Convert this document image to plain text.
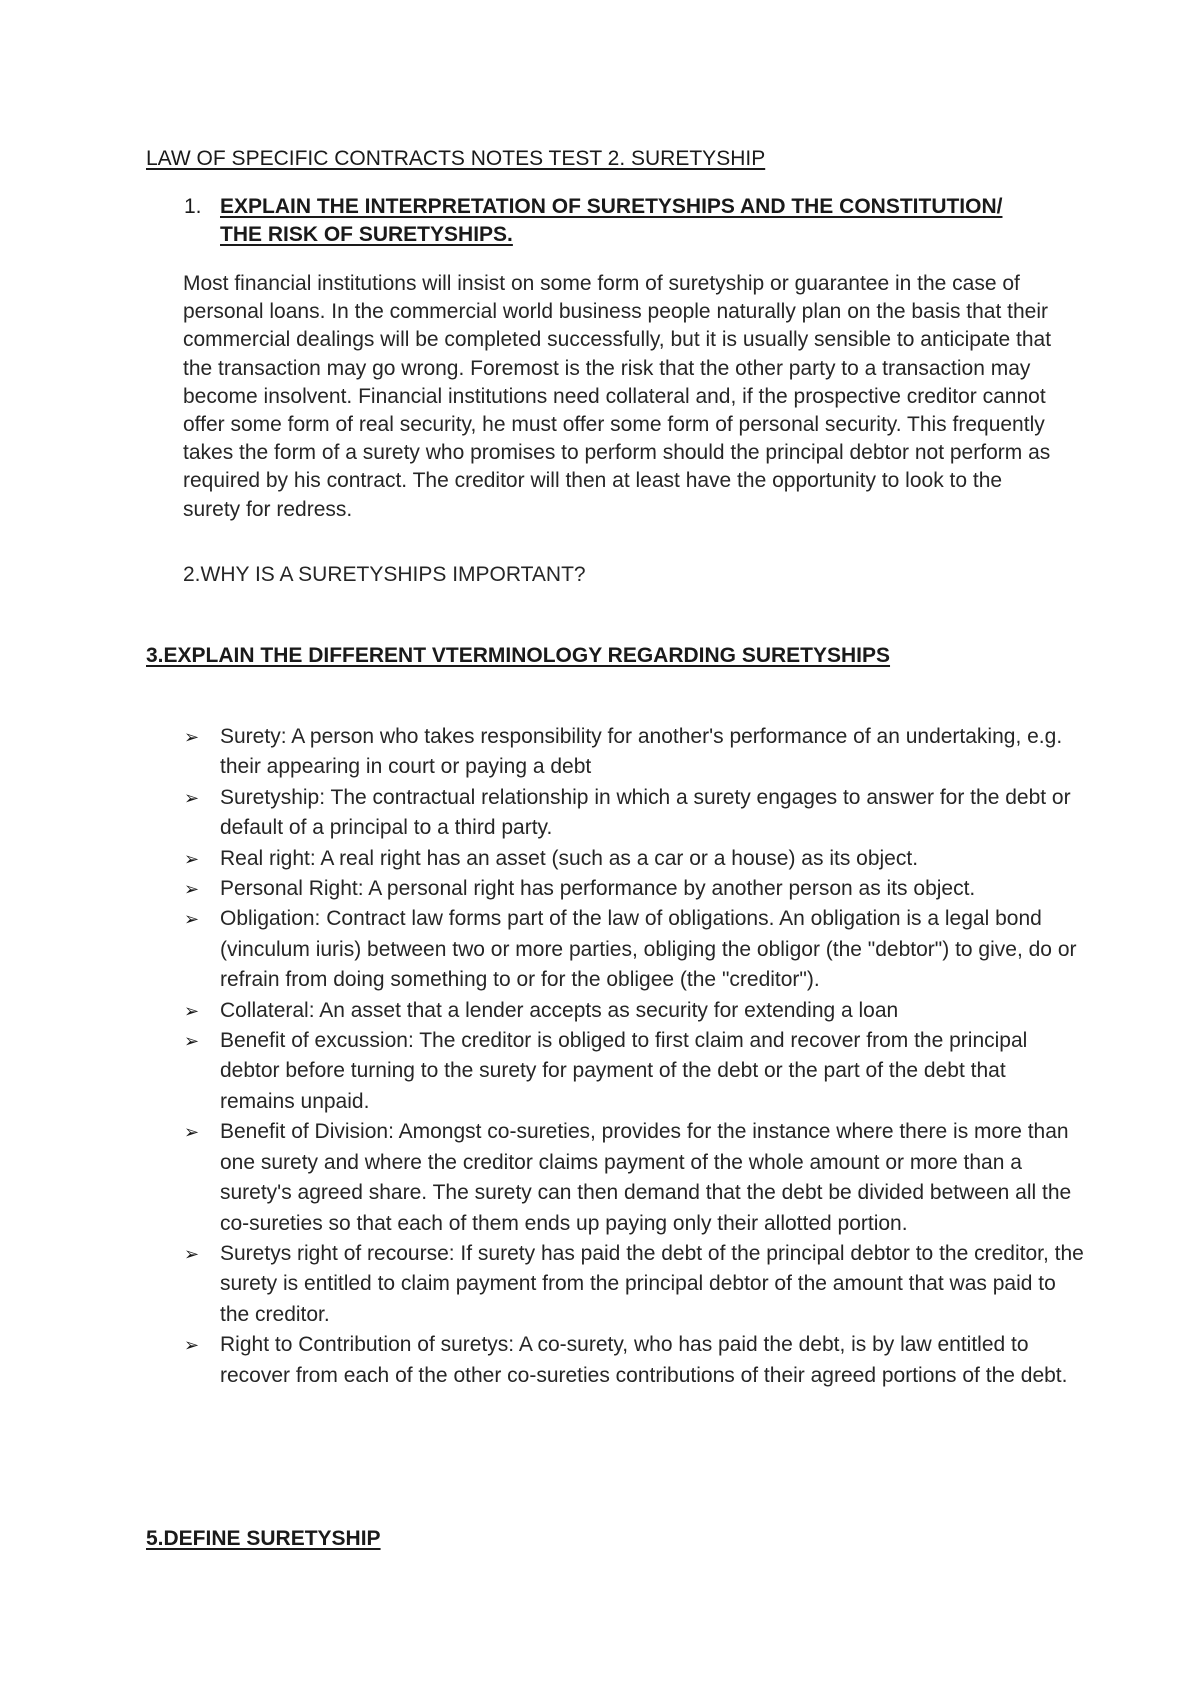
LAW OF SPECIFIC CONTRACTS NOTES TEST 2. SURETYSHIP
1. EXPLAIN THE INTERPRETATION OF SURETYSHIPS AND THE CONSTITUTION/ THE RISK OF SURETYSHIPS.

Most financial institutions will insist on some form of suretyship or guarantee in the case of personal loans. In the commercial world business people naturally plan on the basis that their commercial dealings will be completed successfully, but it is usually sensible to anticipate that the transaction may go wrong. Foremost is the risk that the other party to a transaction may become insolvent. Financial institutions need collateral and, if the prospective creditor cannot offer some form of real security, he must offer some form of personal security. This frequently takes the form of a surety who promises to perform should the principal debtor not perform as required by his contract. The creditor will then at least have the opportunity to look to the surety for redress.

2.WHY IS A SURETYSHIPS IMPORTANT?

3.EXPLAIN THE DIFFERENT VTERMINOLOGY REGARDING SURETYSHIPS
➢ Surety: A person who takes responsibility for another's performance of an undertaking, e.g. their appearing in court or paying a debt
➢ Suretyship: The contractual relationship in which a surety engages to answer for the debt or default of a principal to a third party.
➢ Real right: A real right has an asset (such as a car or a house) as its object.
➢ Personal Right: A personal right has performance by another person as its object.
➢ Obligation: Contract law forms part of the law of obligations. An obligation is a legal bond (vinculum iuris) between two or more parties, obliging the obligor (the "debtor") to give, do or refrain from doing something to or for the obligee (the "creditor").
➢ Collateral: An asset that a lender accepts as security for extending a loan
➢ Benefit of excussion: The creditor is obliged to first claim and recover from the principal debtor before turning to the surety for payment of the debt or the part of the debt that remains unpaid.
➢ Benefit of Division: Amongst co-sureties, provides for the instance where there is more than one surety and where the creditor claims payment of the whole amount or more than a surety's agreed share. The surety can then demand that the debt be divided between all the co-sureties so that each of them ends up paying only their allotted portion.
➢ Suretys right of recourse: If surety has paid the debt of the principal debtor to the creditor, the surety is entitled to claim payment from the principal debtor of the amount that was paid to the creditor.
➢ Right to Contribution of suretys: A co-surety, who has paid the debt, is by law entitled to recover from each of the other co-sureties contributions of their agreed portions of the debt.
5.DEFINE SURETYSHIP
